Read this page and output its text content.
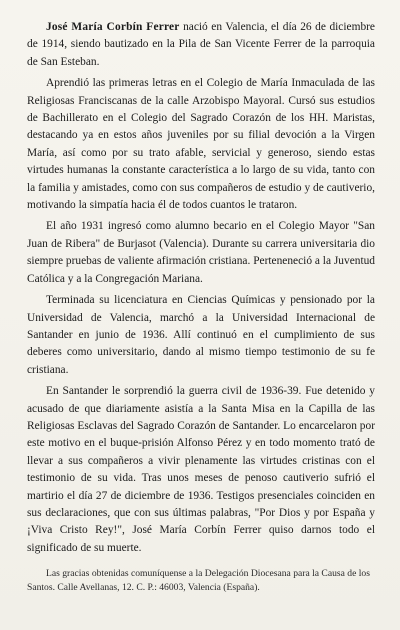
José María Corbín Ferrer nació en Valencia, el día 26 de diciembre de 1914, siendo bautizado en la Pila de San Vicente Ferrer de la parroquia de San Esteban.

Aprendió las primeras letras en el Colegio de María Inmaculada de las Religiosas Franciscanas de la calle Arzobispo Mayoral. Cursó sus estudios de Bachillerato en el Colegio del Sagrado Corazón de los HH. Maristas, destacando ya en estos años juveniles por su filial devoción a la Virgen María, así como por su trato afable, servicial y generoso, siendo estas virtudes humanas la constante característica a lo largo de su vida, tanto con la familia y amistades, como con sus compañeros de estudio y de cautiverio, motivando la simpatía hacia él de todos cuantos le trataron.

El año 1931 ingresó como alumno becario en el Colegio Mayor "San Juan de Ribera" de Burjasot (Valencia). Durante su carrera universitaria dio siempre pruebas de valiente afirmación cristiana. Perteneneció a la Juventud Católica y a la Congregación Mariana.

Terminada su licenciatura en Ciencias Químicas y pensionado por la Universidad de Valencia, marchó a la Universidad Internacional de Santander en junio de 1936. Allí continuó en el cumplimiento de sus deberes como universitario, dando al mismo tiempo testimonio de su fe cristiana.

En Santander le sorprendió la guerra civil de 1936-39. Fue detenido y acusado de que diariamente asistía a la Santa Misa en la Capilla de las Religiosas Esclavas del Sagrado Corazón de Santander. Lo encarcelaron por este motivo en el buque-prisión Alfonso Pérez y en todo momento trató de llevar a sus compañeros a vivir plenamente las virtudes cristinas con el testimonio de su vida. Tras unos meses de penoso cautiverio sufrió el martirio el día 27 de diciembre de 1936. Testigos presenciales coinciden en sus declaraciones, que con sus últimas palabras, "Por Dios y por España y ¡Viva Cristo Rey!", José María Corbín Ferrer quiso darnos todo el significado de su muerte.

Las gracias obtenidas comuníquense a la Delegación Diocesana para la Causa de los Santos. Calle Avellanas, 12. C. P.: 46003, Valencia (España).
